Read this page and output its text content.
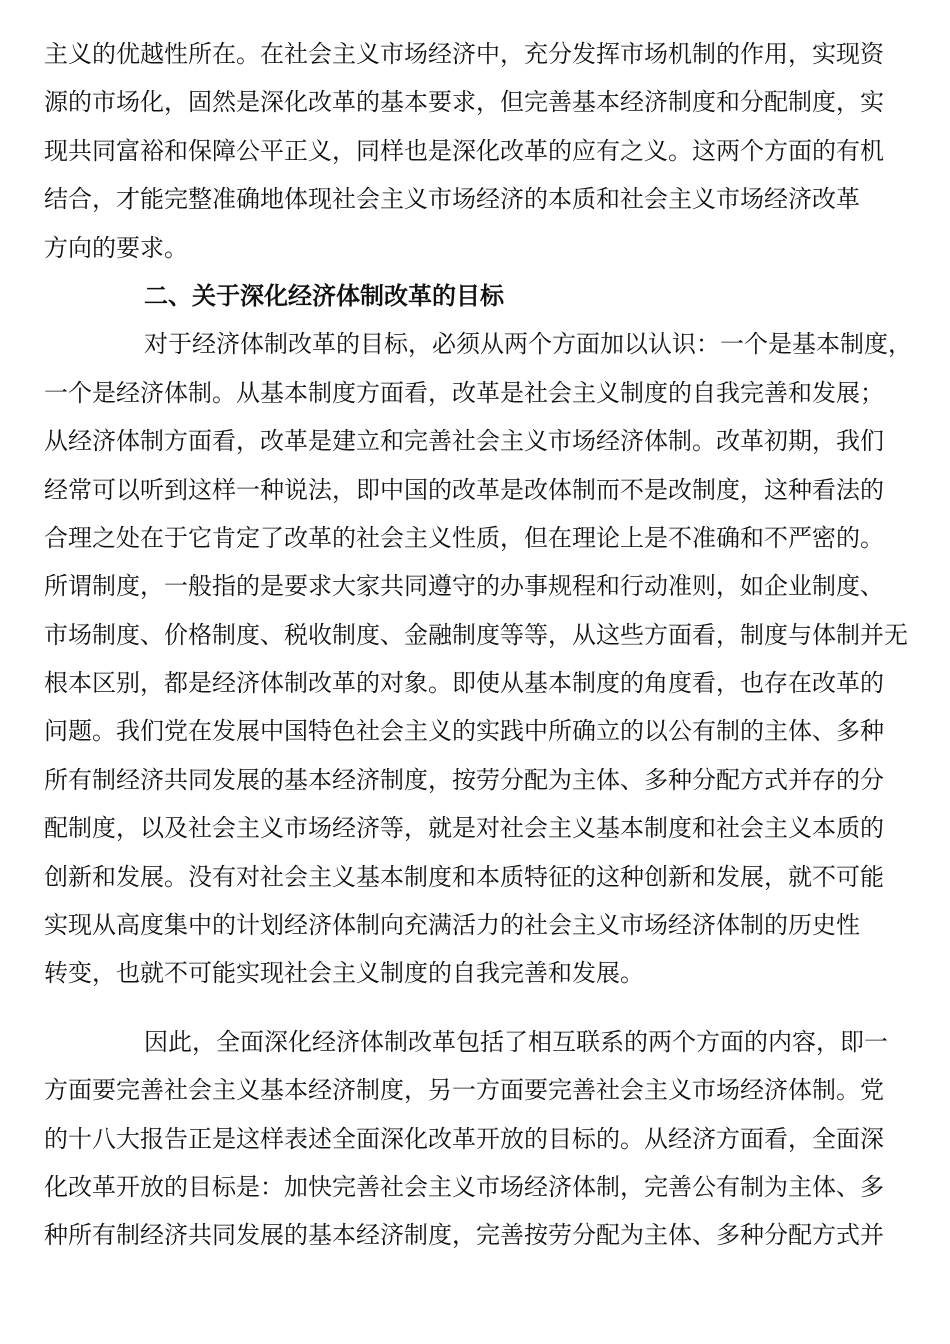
主义的优越性所在。在社会主义市场经济中，充分发挥市场机制的作用，实现资
源的市场化，固然是深化改革的基本要求，但完善基本经济制度和分配制度，实
现共同富裕和保障公平正义，同样也是深化改革的应有之义。这两个方面的有机
结合，才能完整准确地体现社会主义市场经济的本质和社会主义市场经济改革
方向的要求。
二、关于深化经济体制改革的目标
对于经济体制改革的目标，必须从两个方面加以认识：一个是基本制度，
一个是经济体制。从基本制度方面看，改革是社会主义制度的自我完善和发展；
从经济体制方面看，改革是建立和完善社会主义市场经济体制。改革初期，我们
经常可以听到这样一种说法，即中国的改革是改体制而不是改制度，这种看法的
合理之处在于它肯定了改革的社会主义性质，但在理论上是不准确和不严密的。
所谓制度，一般指的是要求大家共同遵守的办事规程和行动准则，如企业制度、
市场制度、价格制度、税收制度、金融制度等等，从这些方面看，制度与体制并无
根本区别，都是经济体制改革的对象。即使从基本制度的角度看，也存在改革的
问题。我们党在发展中国特色社会主义的实践中所确立的以公有制的主体、多种
所有制经济共同发展的基本经济制度，按劳分配为主体、多种分配方式并存的分
配制度，以及社会主义市场经济等，就是对社会主义基本制度和社会主义本质的
创新和发展。没有对社会主义基本制度和本质特征的这种创新和发展，就不可能
实现从高度集中的计划经济体制向充满活力的社会主义市场经济体制的历史性
转变，也就不可能实现社会主义制度的自我完善和发展。
因此，全面深化经济体制改革包括了相互联系的两个方面的内容，即一
方面要完善社会主义基本经济制度，另一方面要完善社会主义市场经济体制。党
的十八大报告正是这样表述全面深化改革开放的目标的。从经济方面看，全面深
化改革开放的目标是：加快完善社会主义市场经济体制，完善公有制为主体、多
种所有制经济共同发展的基本经济制度，完善按劳分配为主体、多种分配方式并
